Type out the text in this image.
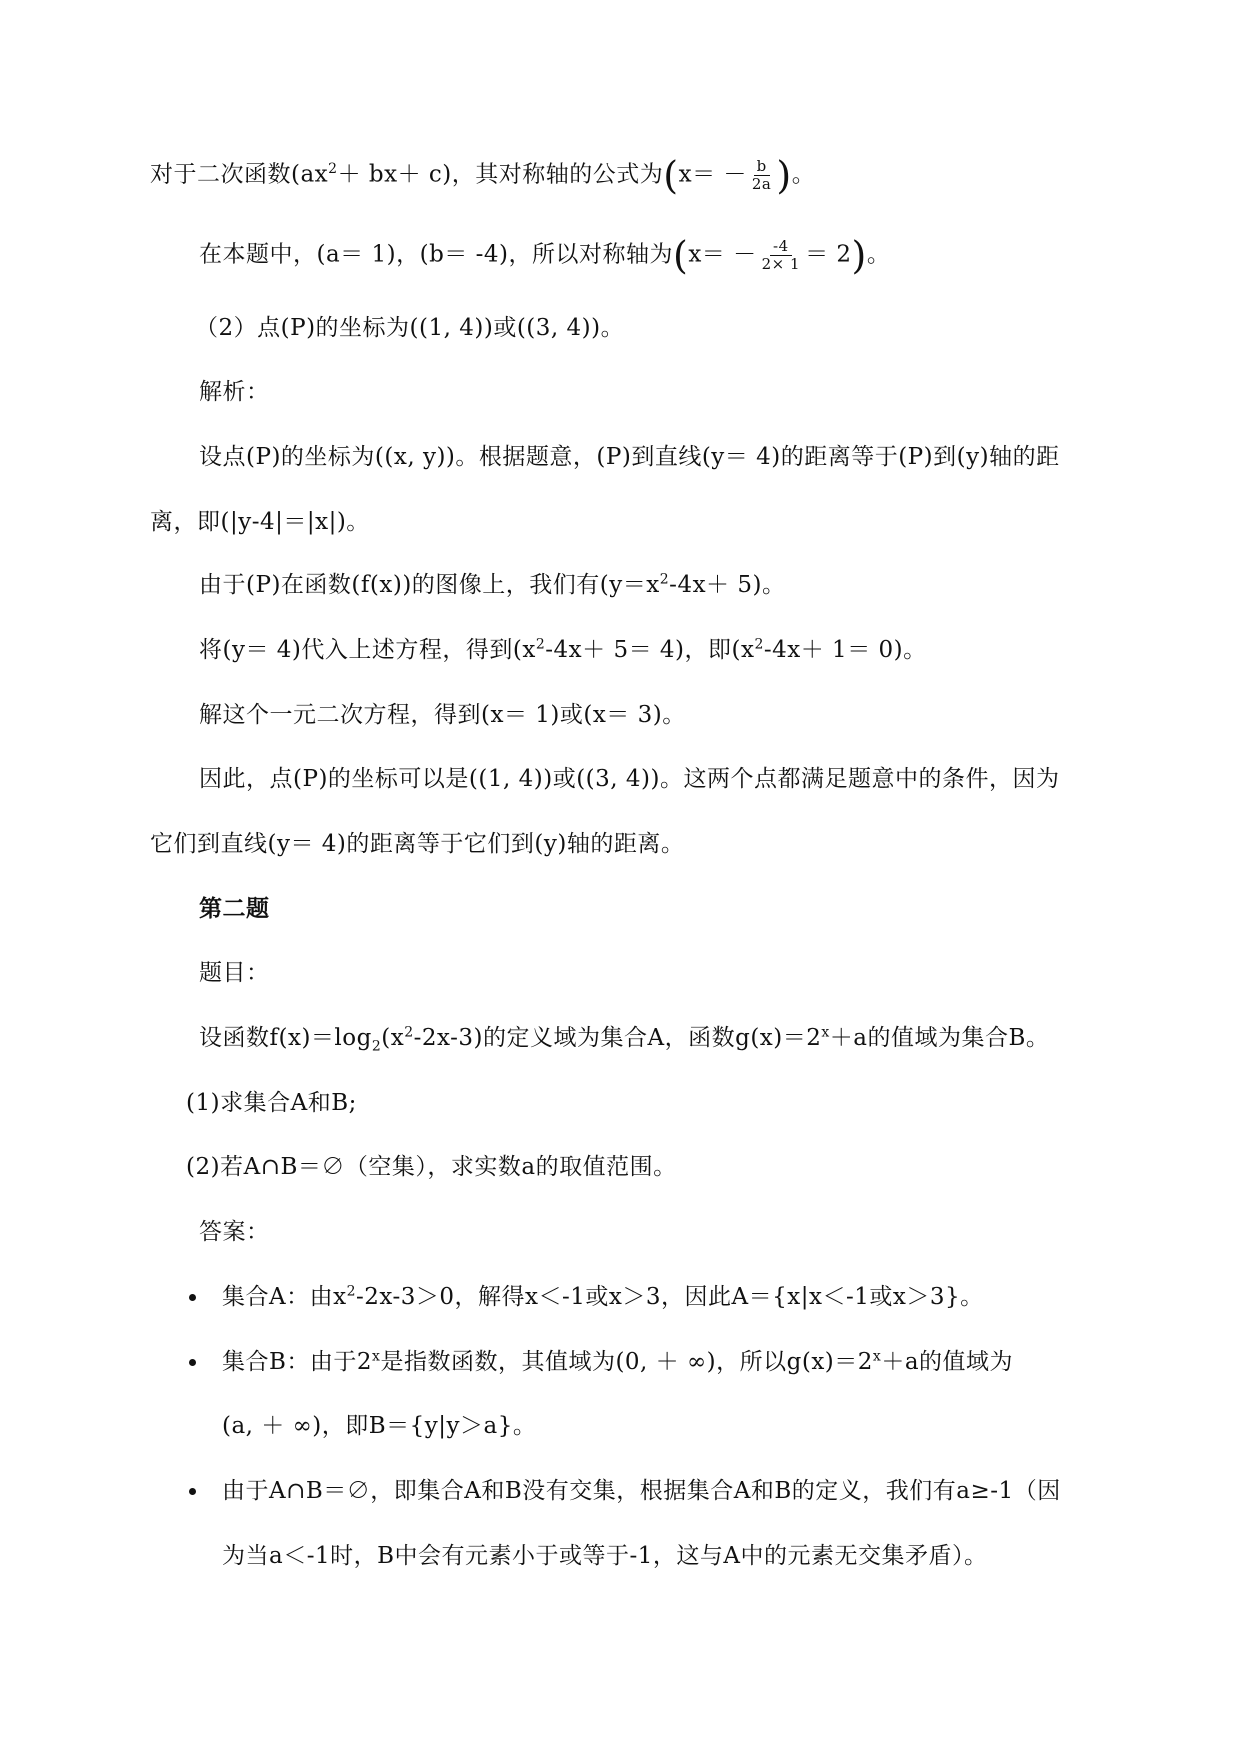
对于二次函数$(ax^2+ bx+ c)$，其对称轴的公式为($x= - \frac{b}{2a}$ )。
在本题中，(a＝ 1)，(b＝ -4)，所以对称轴为$(x= - \frac{-4}{2\times 1} = 2)$。
（2）点(P)的坐标为((1, 4))或((3, 4))。
解析：
设点(P)的坐标为((x, y))。根据题意，(P)到直线(y＝ 4)的距离等于(P)到(y)轴的距
离，即(|y-4|＝|x|)。
由于(P)在函数(f(x))的图像上，我们有$(y=x^2-4x+ 5)$。
将(y＝ 4)代入上述方程，得到$(x^2-4x+ 5= 4)$，即$(x^2-4x+ 1= 0)$。
解这个一元二次方程，得到(x＝ 1)或(x＝ 3)。
因此，点(P)的坐标可以是((1, 4))或((3, 4))。这两个点都满足题意中的条件，因为
它们到直线(y＝ 4)的距离等于它们到(y)轴的距离。
第二题
题目：
设函数$f(x)=\log_2(x^2-2x-3)$的定义域为集合A，函数$g(x)=2^x+a$的值域为集合B。
(1)求集合A和B;
(2)若A∩B＝∅（空集），求实数a的取值范围。
答案：
集合A：由$x^2-2x-3>0$，解得x＜-1或x＞3，因此A＝{x|x＜-1或x＞3}。
集合B：由于2$^x$是指数函数，其值域为(0, ＋ ∞)，所以$g(x)=2^x+a$的值域为
(a, ＋ ∞)，即B＝{y|y＞a}。
由于A∩B＝∅，即集合A和B没有交集，根据集合A和B的定义，我们有a≥-1（因
为当a＜-1时，B中会有元素小于或等于-1，这与A中的元素无交集矛盾）。
